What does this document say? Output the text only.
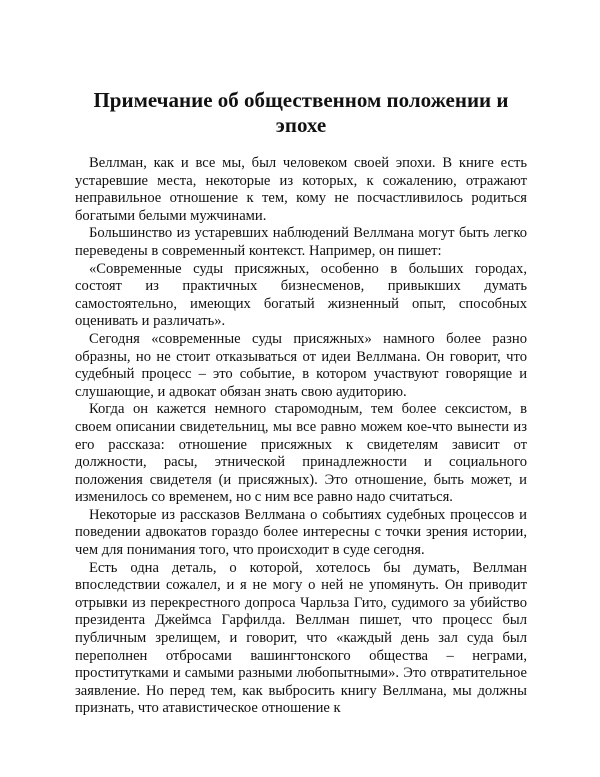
Примечание об общественном положении и эпохе

Веллман, как и все мы, был человеком своей эпохи. В книге есть устаревшие места, некоторые из которых, к сожалению, отражают неправильное отношение к тем, кому не посчастливилось родиться богатыми белыми мужчинами.

Большинство из устаревших наблюдений Веллмана могут быть легко переведены в современный контекст. Например, он пишет:

«Современные суды присяжных, особенно в больших городах, состоят из практичных бизнесменов, привыкших думать самостоятельно, имеющих богатый жизненный опыт, способных оценивать и различать».

Сегодня «современные суды присяжных» намного более разно образны, но не стоит отказываться от идеи Веллмана. Он говорит, что судебный процесс – это событие, в котором участвуют говорящие и слушающие, и адвокат обязан знать свою аудиторию.

Когда он кажется немного старомодным, тем более сексистом, в своем описании свидетельниц, мы все равно можем кое-что вынести из его рассказа: отношение присяжных к свидетелям зависит от должности, расы, этнической принадлежности и социального положения свидетеля (и присяжных). Это отношение, быть может, и изменилось со временем, но с ним все равно надо считаться.

Некоторые из рассказов Веллмана о событиях судебных процессов и поведении адвокатов гораздо более интересны с точки зрения истории, чем для понимания того, что происходит в суде сегодня.

Есть одна деталь, о которой, хотелось бы думать, Веллман впоследствии сожалел, и я не могу о ней не упомянуть. Он приводит отрывки из перекрестного допроса Чарльза Гито, судимого за убийство президента Джеймса Гарфилда. Веллман пишет, что процесс был публичным зрелищем, и говорит, что «каждый день зал суда был переполнен отбросами вашингтонского общества – неграми, проститутками и самыми разными любопытными». Это отвратительное заявление. Но перед тем, как выбросить книгу Веллмана, мы должны признать, что атавистическое отношение к
